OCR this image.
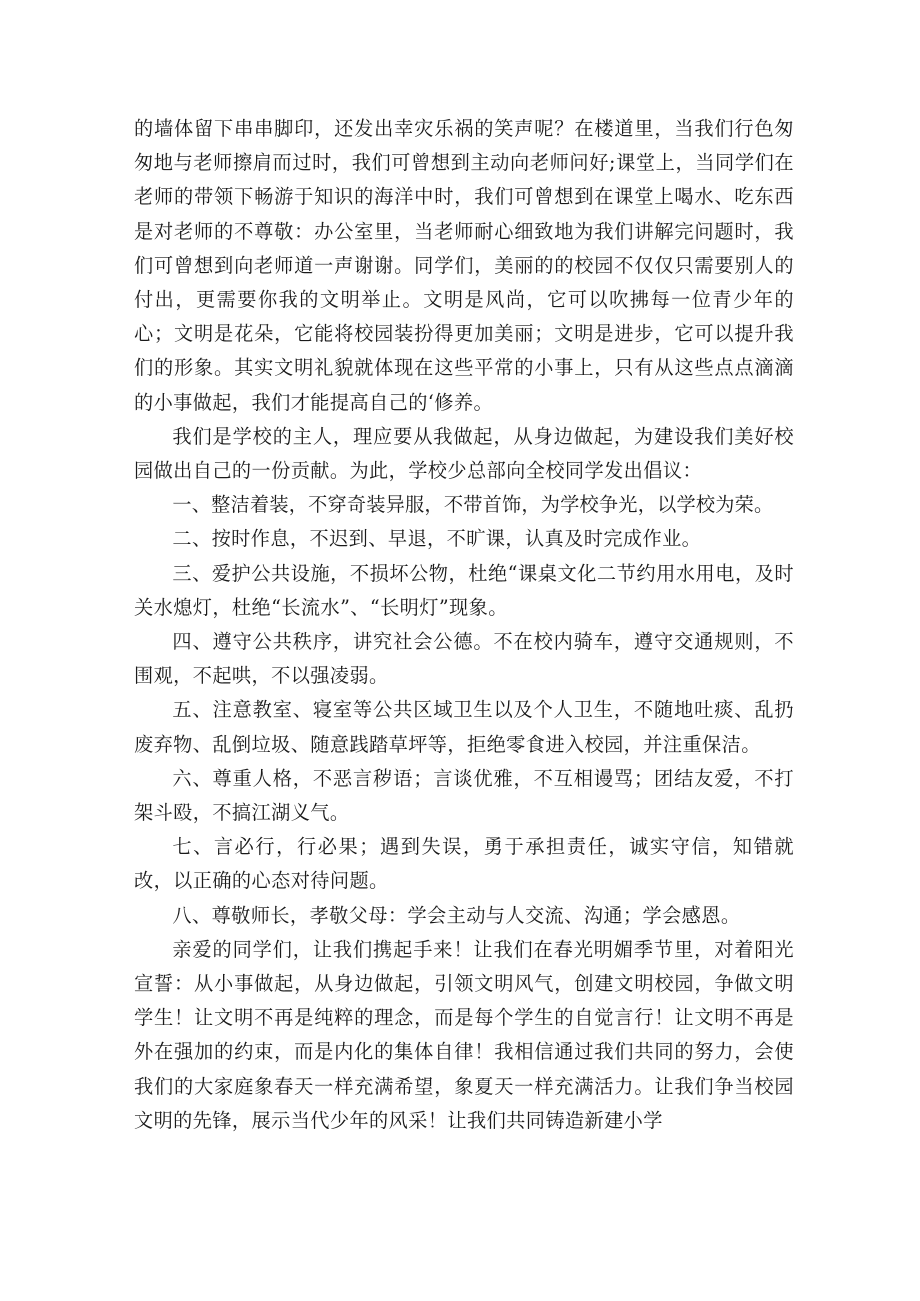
的墙体留下串串脚印，还发出幸灾乐祸的笑声呢？在楼道里，当我们行色匆匆地与老师擦肩而过时，我们可曾想到主动向老师问好;课堂上，当同学们在老师的带领下畅游于知识的海洋中时，我们可曾想到在课堂上喝水、吃东西是对老师的不尊敬：办公室里，当老师耐心细致地为我们讲解完问题时，我们可曾想到向老师道一声谢谢。同学们，美丽的的校园不仅仅只需要别人的付出，更需要你我的文明举止。文明是风尚，它可以吹拂每一位青少年的心；文明是花朵，它能将校园装扮得更加美丽；文明是进步，它可以提升我们的形象。其实文明礼貌就体现在这些平常的小事上，只有从这些点点滴滴的小事做起，我们才能提高自己的‘修养。

我们是学校的主人，理应要从我做起，从身边做起，为建设我们美好校园做出自己的一份贡献。为此，学校少总部向全校同学发出倡议：

一、整洁着装，不穿奇装异服，不带首饰，为学校争光，以学校为荣。

二、按时作息，不迟到、早退，不旷课，认真及时完成作业。

三、爱护公共设施，不损坏公物，杜绝“课桌文化二节约用水用电，及时关水熄灯，杜绝“长流水”、“长明灯”现象。

四、遵守公共秩序，讲究社会公德。不在校内骑车，遵守交通规则，不围观，不起哄，不以强凌弱。

五、注意教室、寝室等公共区域卫生以及个人卫生，不随地吐痰、乱扔废弃物、乱倒垃圾、随意践踏草坪等，拒绝零食进入校园，并注重保洁。

六、尊重人格，不恶言秽语；言谈优雅，不互相谩骂；团结友爱，不打架斗殴，不搞江湖义气。

七、言必行，行必果；遇到失误，勇于承担责任，诚实守信，知错就改，以正确的心态对待问题。

八、尊敬师长，孝敬父母：学会主动与人交流、沟通；学会感恩。

亲爱的同学们，让我们携起手来！让我们在春光明媚季节里，对着阳光宣誓：从小事做起，从身边做起，引领文明风气，创建文明校园，争做文明学生！让文明不再是纯粹的理念，而是每个学生的自觉言行！让文明不再是外在强加的约束，而是内化的集体自律！我相信通过我们共同的努力，会使我们的大家庭象春天一样充满希望，象夏天一样充满活力。让我们争当校园文明的先锋，展示当代少年的风采！让我们共同铸造新建小学
